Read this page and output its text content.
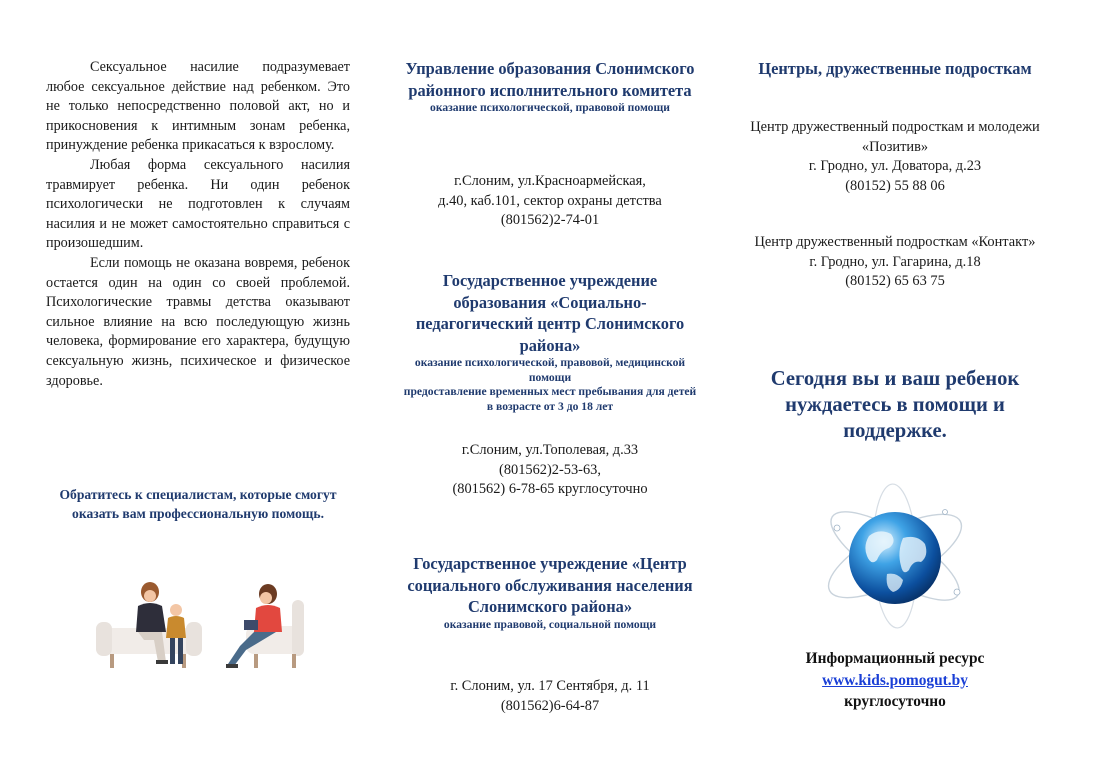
Сексуальное насилие подразумевает любое сексуальное действие над ребенком. Это не только непосредственно половой акт, но и прикосновения к интимным зонам ребенка, принуждение ребенка прикасаться к взрослому.

Любая форма сексуального насилия травмирует ребенка. Ни один ребенок психологически не подготовлен к случаям насилия и не может самостоятельно справиться с произошедшим.

Если помощь не оказана вовремя, ребенок остается один на один со своей проблемой. Психологические травмы детства оказывают сильное влияние на всю последующую жизнь человека, формирование его характера, будущую сексуальную жизнь, психическое и физическое здоровье.

Обратитесь к специалистам, которые смогут оказать вам профессиональную помощь.
Управление образования Слонимского районного исполнительного комитета
оказание психологической, правовой помощи
г.Слоним, ул.Красноармейская,
д.40, каб.101, сектор охраны детства
(801562)2-74-01
Государственное учреждение образования «Социально-педагогический центр Слонимского района»
оказание психологической, правовой, медицинской помощи
предоставление временных мест пребывания для детей в возрасте от 3 до 18 лет
г.Слоним, ул.Тополевая, д.33
(801562)2-53-63,
(801562) 6-78-65 круглосуточно
Государственное учреждение «Центр социального обслуживания населения Слонимского района»
оказание правовой, социальной помощи
г. Слоним, ул. 17 Сентября, д. 11
(801562)6-64-87
Центры, дружественные подросткам
Центр дружественный подросткам и молодежи «Позитив»
г. Гродно, ул. Доватора, д.23
(80152) 55 88 06
Центр дружественный подросткам «Контакт»
г. Гродно, ул. Гагарина, д.18
(80152) 65 63 75
Сегодня вы и ваш ребенок нуждаетесь в помощи и поддержке.
Информационный ресурс
www.kids.pomogut.by
круглосуточно
